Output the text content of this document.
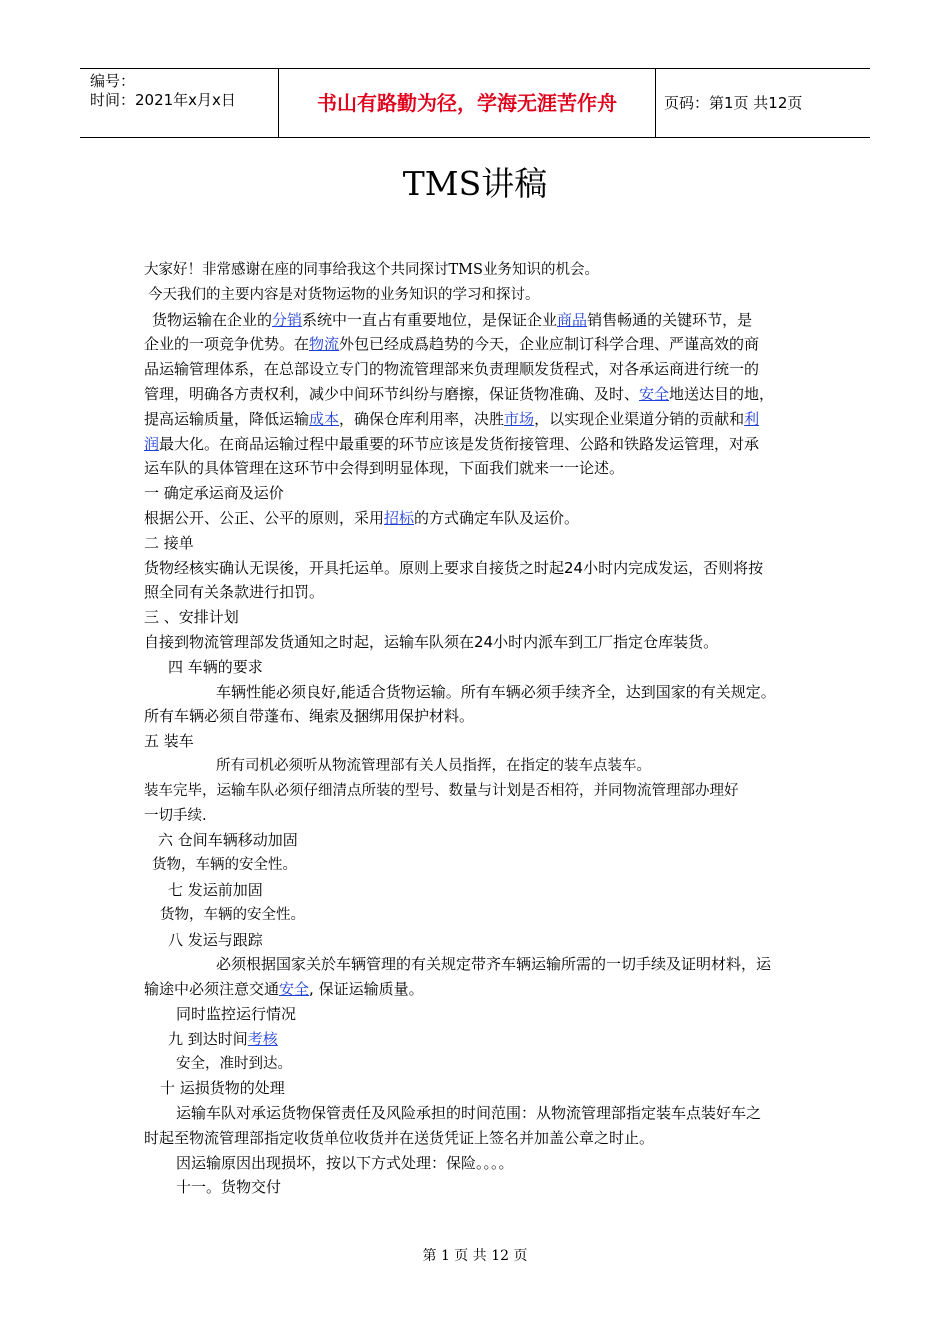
编号：
时间：2021年x月x日	书山有路勤为径，学海无涯苦作舟	页码：第1页 共12页
TMS讲稿
大家好！非常感谢在座的同事给我这个共同探讨TMS业务知识的机会。
今天我们的主要内容是对货物运物的业务知识的学习和探讨。
货物运输在企业的分销系统中一直占有重要地位，是保证企业商品销售畅通的关键环节，是
企业的一项竞争优势。在物流外包已经成爲趋势的今天，企业应制订科学合理、严谨高效的商
品运输管理体系，在总部设立专门的物流管理部来负责理顺发货程式，对各承运商进行统一的
管理，明确各方责权利，减少中间环节纠纷与磨擦，保证货物准确、及时、安全地送达目的地，
提高运输质量，降低运输成本，确保仓库利用率，决胜市场，以实现企业渠道分销的贡献和利
润最大化。在商品运输过程中最重要的环节应该是发货衔接管理、公路和铁路发运管理，对承
运车队的具体管理在这环节中会得到明显体现，下面我们就来一一论述。
一 确定承运商及运价
根据公开、公正、公平的原则，采用招标的方式确定车队及运价。
二 接单
货物经核实确认无误後，开具托运单。原则上要求自接货之时起24小时内完成发运，否则将按
照全同有关条款进行扣罚。
三 、安排计划
自接到物流管理部发货通知之时起，运输车队须在24小时内派车到工厂指定仓库装货。
四 车辆的要求
车辆性能必须良好,能适合货物运输。所有车辆必须手续齐全，达到国家的有关规定。
所有车辆必须自带蓬布、绳索及捆绑用保护材料。
五 装车
所有司机必须听从物流管理部有关人员指挥，在指定的装车点装车。
装车完毕，运输车队必须仔细清点所装的型号、数量与计划是否相符，并同物流管理部办理好
一切手续.
六 仓间车辆移动加固
货物，车辆的安全性。
七 发运前加固
货物，车辆的安全性。
八 发运与跟踪
必须根据国家关於车辆管理的有关规定带齐车辆运输所需的一切手续及证明材料，运
输途中必须注意交通安全, 保证运输质量。
同时监控运行情况
九 到达时间考核
安全，准时到达。
十 运损货物的处理
运输车队对承运货物保管责任及风险承担的时间范围：从物流管理部指定装车点装好车之
时起至物流管理部指定收货单位收货并在送货凭证上签名并加盖公章之时止。
因运输原因出现损坏，按以下方式处理：保险。。。。
十一。货物交付
第 1 页 共 12 页
